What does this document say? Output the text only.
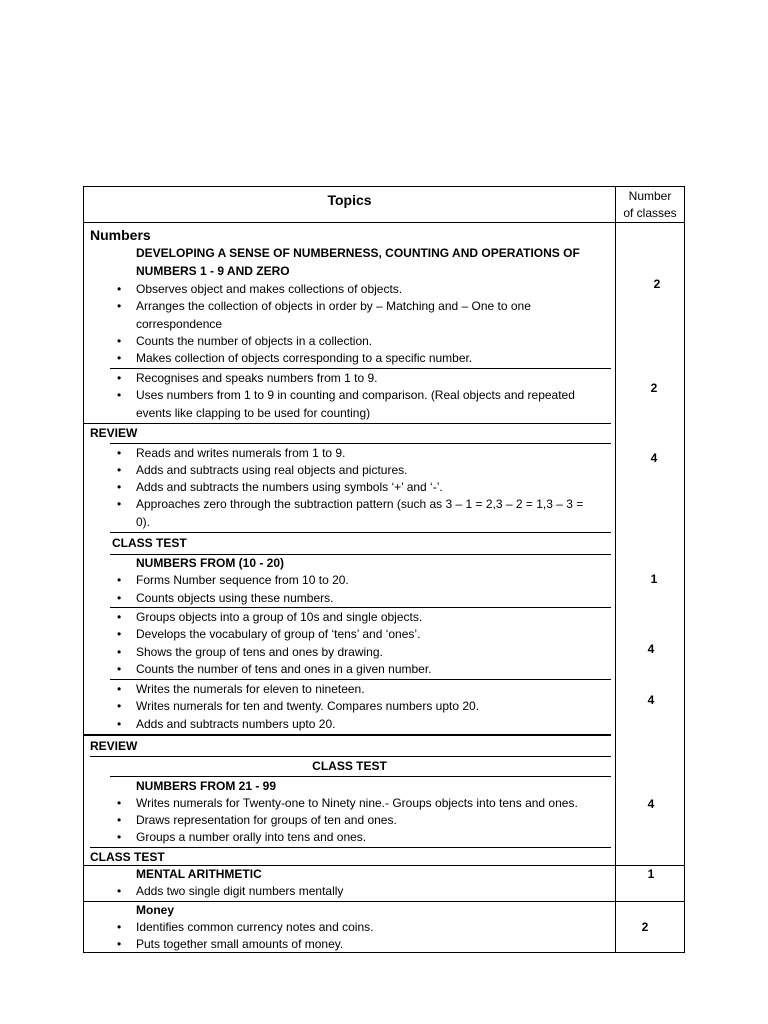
Topics	Number
of classes
Numbers
DEVELOPING A SENSE OF NUMBERNESS, COUNTING AND OPERATIONS OF
NUMBERS 1 - 9 AND ZERO
• Observes object and makes collections of objects.
• Arranges the collection of objects in order by – Matching and – One to one
correspondence
• Counts the number of objects in a collection.
• Makes collection of objects corresponding to a specific number.
• Recognises and speaks numbers from 1 to 9.
• Uses numbers from 1 to 9 in counting and comparison. (Real objects and repeated
events like clapping to be used for counting)
REVIEW
• Reads and writes numerals from 1 to 9.
• Adds and subtracts using real objects and pictures.
• Adds and subtracts the numbers using symbols ‘+’ and ‘-’.
• Approaches zero through the subtraction pattern (such as 3 – 1 = 2,3 – 2 = 1,3 – 3 =
0).
CLASS TEST
NUMBERS FROM (10 - 20)
• Forms Number sequence from 10 to 20.
• Counts objects using these numbers.
• Groups objects into a group of 10s and single objects.
• Develops the vocabulary of group of ‘tens’ and ‘ones’.
• Shows the group of tens and ones by drawing.
• Counts the number of tens and ones in a given number.
• Writes the numerals for eleven to nineteen.
• Writes numerals for ten and twenty. Compares numbers upto 20.
• Adds and subtracts numbers upto 20.
REVIEW
CLASS TEST
NUMBERS FROM 21 - 99
• Writes numerals for Twenty-one to Ninety nine.- Groups objects into tens and ones.
• Draws representation for groups of ten and ones.
• Groups a number orally into tens and ones.
CLASS TEST
MENTAL ARITHMETIC
• Adds two single digit numbers mentally
Money
• Identifies common currency notes and coins.
• Puts together small amounts of money.
2
2
4
1
4
4
4
1
2
